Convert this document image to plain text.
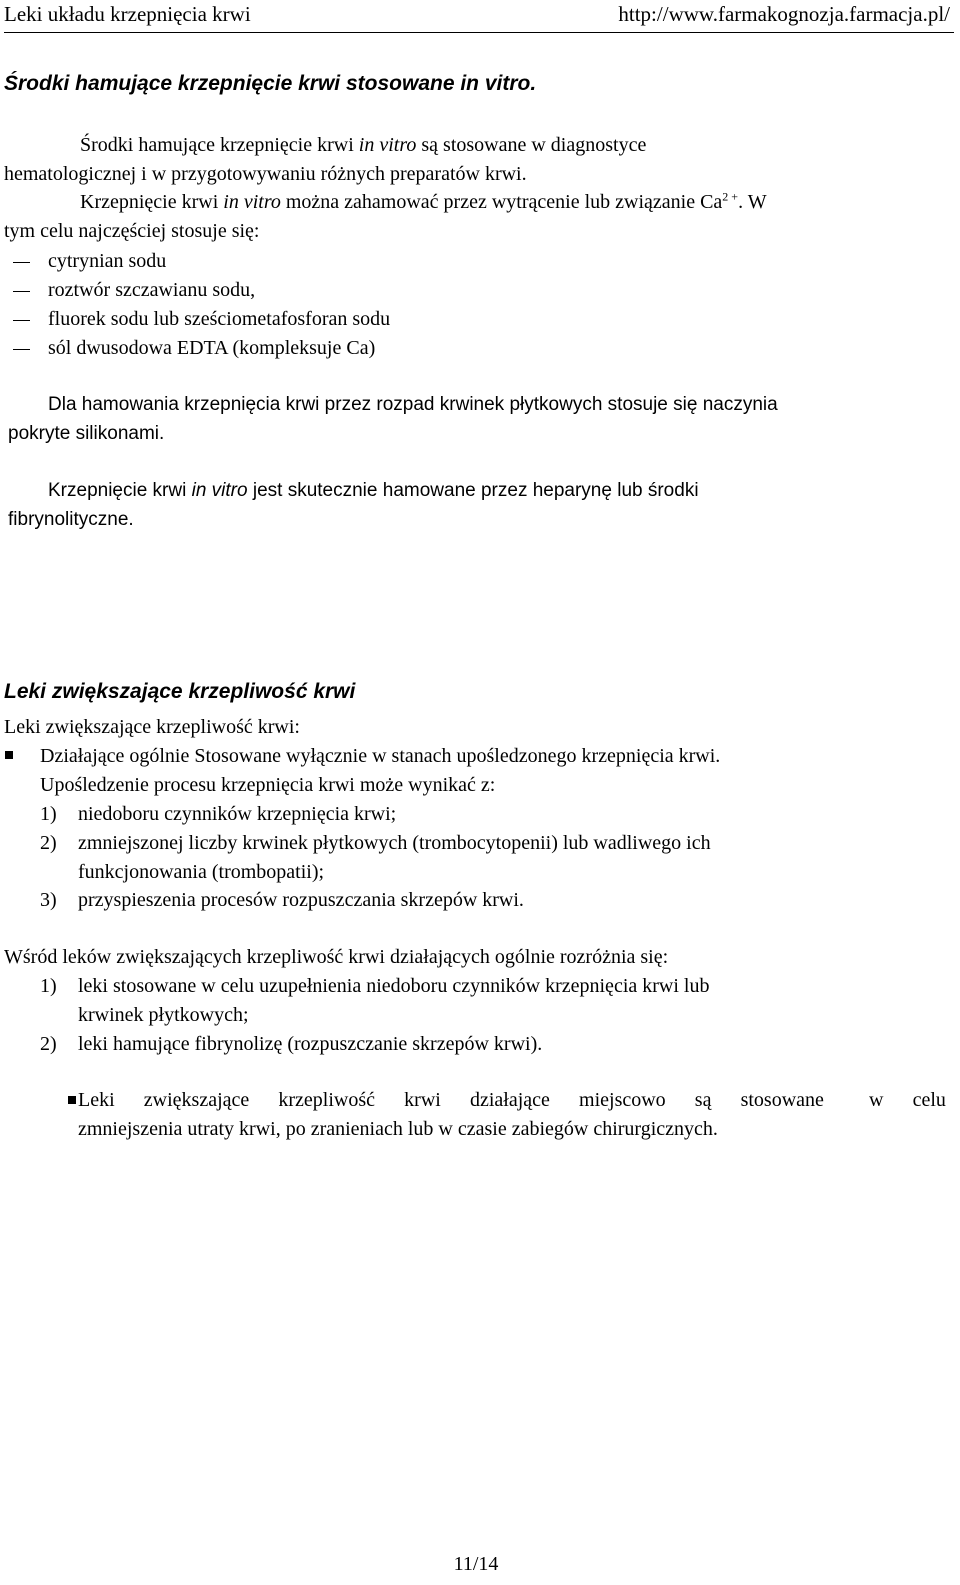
Leki układu krzepnięcia krwi	http://www.farmakognozja.farmacja.pl/
Środki hamujące krzepnięcie krwi stosowane in vitro.
Środki hamujące krzepnięcie krwi in vitro są stosowane w diagnostyce
hematologicznej i w przygotowywaniu różnych preparatów krwi.
Krzepnięcie krwi in vitro można zahamować przez wytrącenie lub związanie $Ca^{2 +}$. W
tym celu najczęściej stosuje się:
cytrynian sodu
roztwór szczawianu sodu,
fluorek sodu lub sześciometafosforan sodu
sól dwusodowa EDTA (kompleksuje Ca)
Dla hamowania krzepnięcia krwi przez rozpad krwinek płytkowych stosuje się naczynia
pokryte silikonami.
Krzepnięcie krwi in vitro jest skutecznie hamowane przez heparynę lub środki
fibrynolityczne.
Leki zwiększające krzepliwość krwi
Leki zwiększające krzepliwość krwi:
Działające ogólnie Stosowane wyłącznie w stanach upośledzonego krzepnięcia krwi.
Upośledzenie procesu krzepnięcia krwi może wynikać z:
1) niedoboru czynników krzepnięcia krwi;
2) zmniejszonej liczby krwinek płytkowych (trombocytopenii) lub wadliwego ich
funkcjonowania (trombopatii);
3) przyspieszenia procesów rozpuszczania skrzepów krwi.
Wśród leków zwiększających krzepliwość krwi działających ogólnie rozróżnia się:
1) leki stosowane w celu uzupełnienia niedoboru czynników krzepnięcia krwi lub
krwinek płytkowych;
2) leki hamujące fibrynolizę (rozpuszczanie skrzepów krwi).
Leki zwiększające krzepliwość krwi działające miejscowo są stosowane w celu
zmniejszenia utraty krwi, po zranieniach lub w czasie zabiegów chirurgicznych.
11/14
